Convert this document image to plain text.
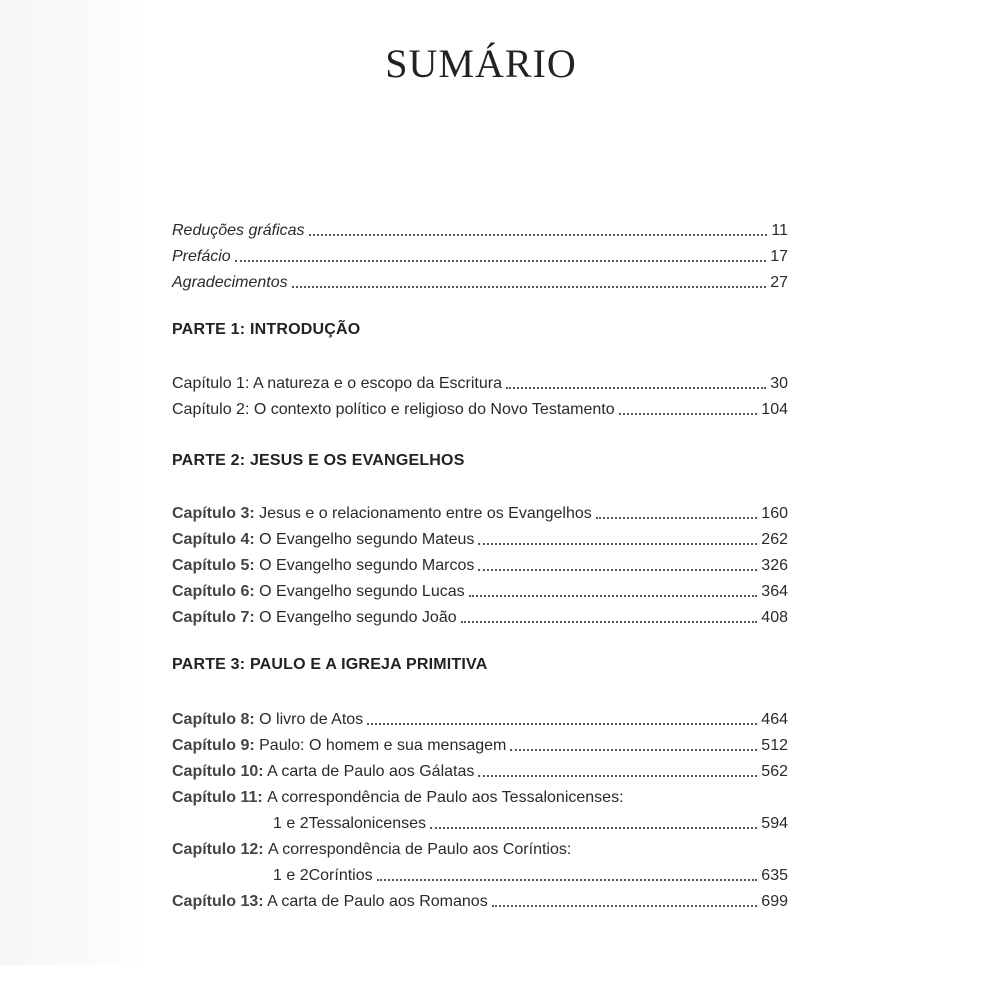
SUMÁRIO
Reduções gráficas	11
Prefácio	17
Agradecimentos	27
PARTE 1: INTRODUÇÃO
Capítulo 1: A natureza e o escopo da Escritura	30
Capítulo 2: O contexto político e religioso do Novo Testamento	104
PARTE 2: JESUS E OS EVANGELHOS
Capítulo 3: Jesus e o relacionamento entre os Evangelhos	160
Capítulo 4: O Evangelho segundo Mateus	262
Capítulo 5: O Evangelho segundo Marcos	326
Capítulo 6: O Evangelho segundo Lucas	364
Capítulo 7: O Evangelho segundo João	408
PARTE 3: PAULO E A IGREJA PRIMITIVA
Capítulo 8: O livro de Atos	464
Capítulo 9: Paulo: O homem e sua mensagem	512
Capítulo 10: A carta de Paulo aos Gálatas	562
Capítulo 11:
A correspondência de Paulo aos Tessalonicenses:
1 e 2Tessalonicenses	594
Capítulo 12:
A correspondência de Paulo aos Coríntios:
1 e 2Coríntios	635
Capítulo 13: A carta de Paulo aos Romanos	699
